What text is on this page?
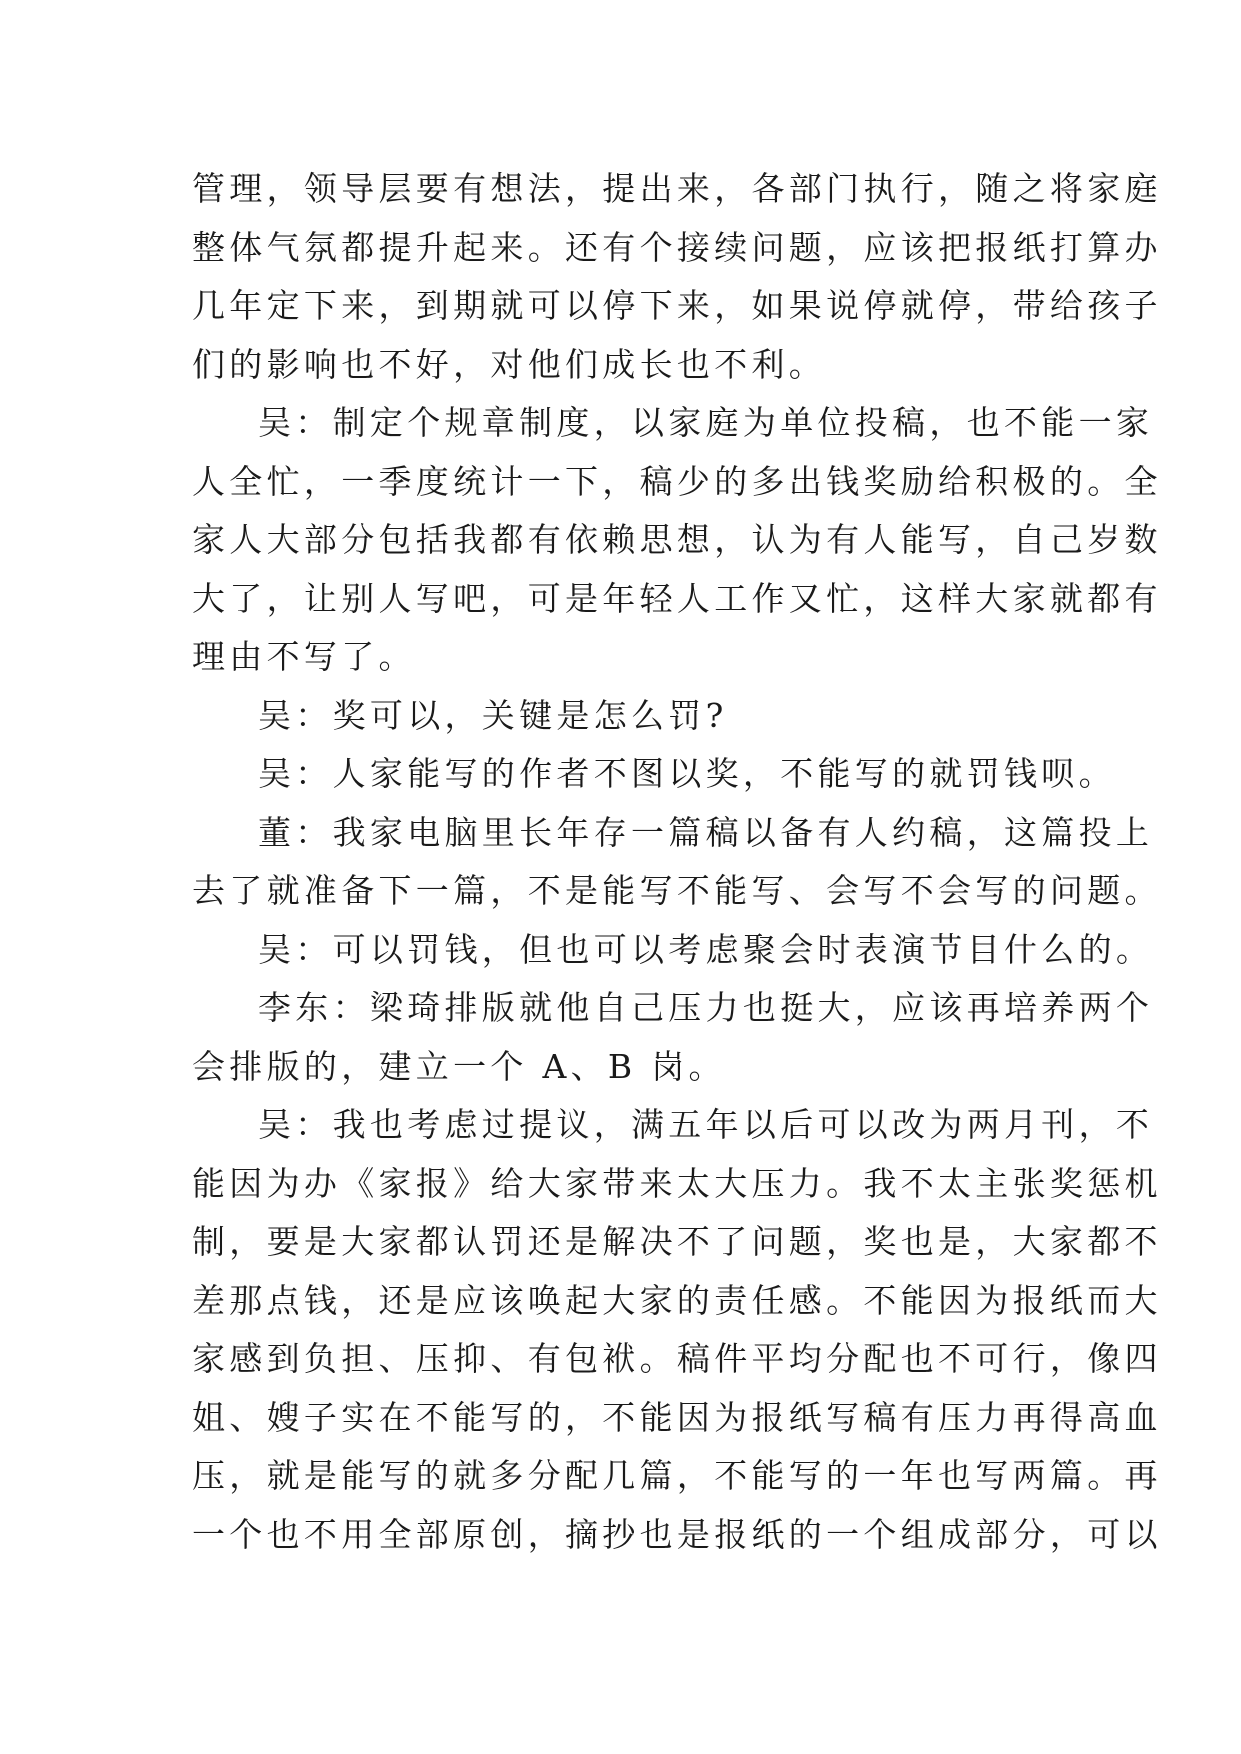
管理，领导层要有想法，提出来，各部门执行，随之将家庭
整体气氛都提升起来。还有个接续问题，应该把报纸打算办
几年定下来，到期就可以停下来，如果说停就停，带给孩子
们的影响也不好，对他们成长也不利。

吴：制定个规章制度，以家庭为单位投稿，也不能一家
人全忙，一季度统计一下，稿少的多出钱奖励给积极的。全
家人大部分包括我都有依赖思想，认为有人能写，自己岁数
大了，让别人写吧，可是年轻人工作又忙，这样大家就都有
理由不写了。

吴：奖可以，关键是怎么罚?

吴：人家能写的作者不图以奖，不能写的就罚钱呗。

董：我家电脑里长年存一篇稿以备有人约稿，这篇投上
去了就准备下一篇，不是能写不能写、会写不会写的问题。

吴：可以罚钱，但也可以考虑聚会时表演节目什么的。

李东：梁琦排版就他自己压力也挺大，应该再培养两个
会排版的，建立一个 A、B 岗。

吴：我也考虑过提议，满五年以后可以改为两月刊，不
能因为办《家报》给大家带来太大压力。我不太主张奖惩机
制，要是大家都认罚还是解决不了问题，奖也是，大家都不
差那点钱，还是应该唤起大家的责任感。不能因为报纸而大
家感到负担、压抑、有包袱。稿件平均分配也不可行，像四
姐、嫂子实在不能写的，不能因为报纸写稿有压力再得高血
压，就是能写的就多分配几篇，不能写的一年也写两篇。再
一个也不用全部原创，摘抄也是报纸的一个组成部分，可以
